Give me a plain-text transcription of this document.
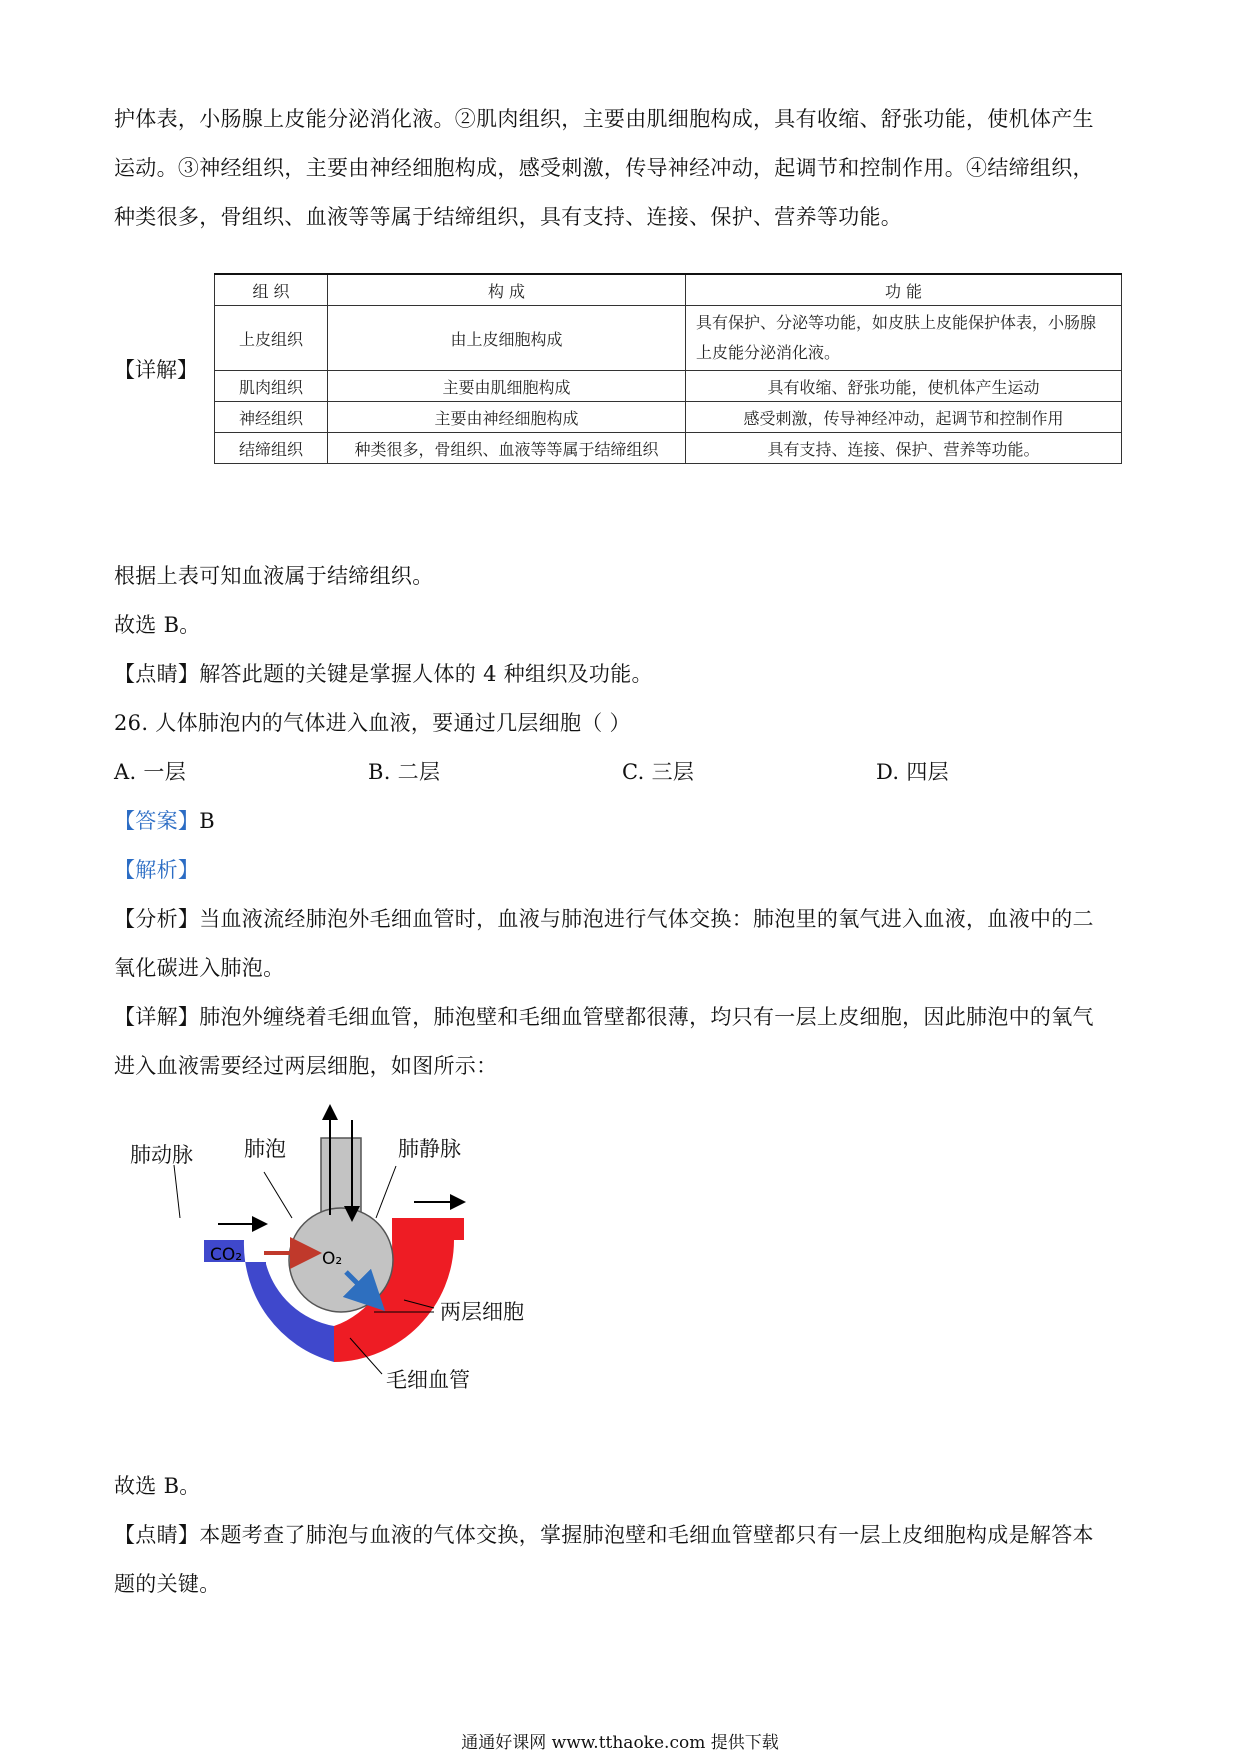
护体表，小肠腺上皮能分泌消化液。②肌肉组织，主要由肌细胞构成，具有收缩、舒张功能，使机体产生
运动。③神经组织，主要由神经细胞构成，感受刺激，传导神经冲动，起调节和控制作用。④结缔组织，
种类很多，骨组织、血液等等属于结缔组织，具有支持、连接、保护、营养等功能。
【详解】
组 织	构 成	功 能
上皮组织	由上皮细胞构成	具有保护、分泌等功能，如皮肤上皮能保护体表，小肠腺上皮能分泌消化液。
肌肉组织	主要由肌细胞构成	具有收缩、舒张功能，使机体产生运动
神经组织	主要由神经细胞构成	感受刺激，传导神经冲动，起调节和控制作用
结缔组织	种类很多，骨组织、血液等等属于结缔组织	具有支持、连接、保护、营养等功能。
根据上表可知血液属于结缔组织。
故选 B。
【点睛】解答此题的关键是掌握人体的 4 种组织及功能。
26. 人体肺泡内的气体进入血液，要通过几层细胞（ ）
A. 一层	B. 二层	C. 三层	D. 四层
【答案】B
【解析】
【分析】当血液流经肺泡外毛细血管时，血液与肺泡进行气体交换：肺泡里的氧气进入血液，血液中的二
氧化碳进入肺泡。
【详解】肺泡外缠绕着毛细血管，肺泡壁和毛细血管壁都很薄，均只有一层上皮细胞，因此肺泡中的氧气
进入血液需要经过两层细胞，如图所示：
CO₂	O₂
肺动脉 肺泡	肺静脉
两层细胞
毛细血管
故选 B。
【点睛】本题考查了肺泡与血液的气体交换，掌握肺泡壁和毛细血管壁都只有一层上皮细胞构成是解答本
题的关键。
通通好课网 www.tthaoke.com 提供下载
